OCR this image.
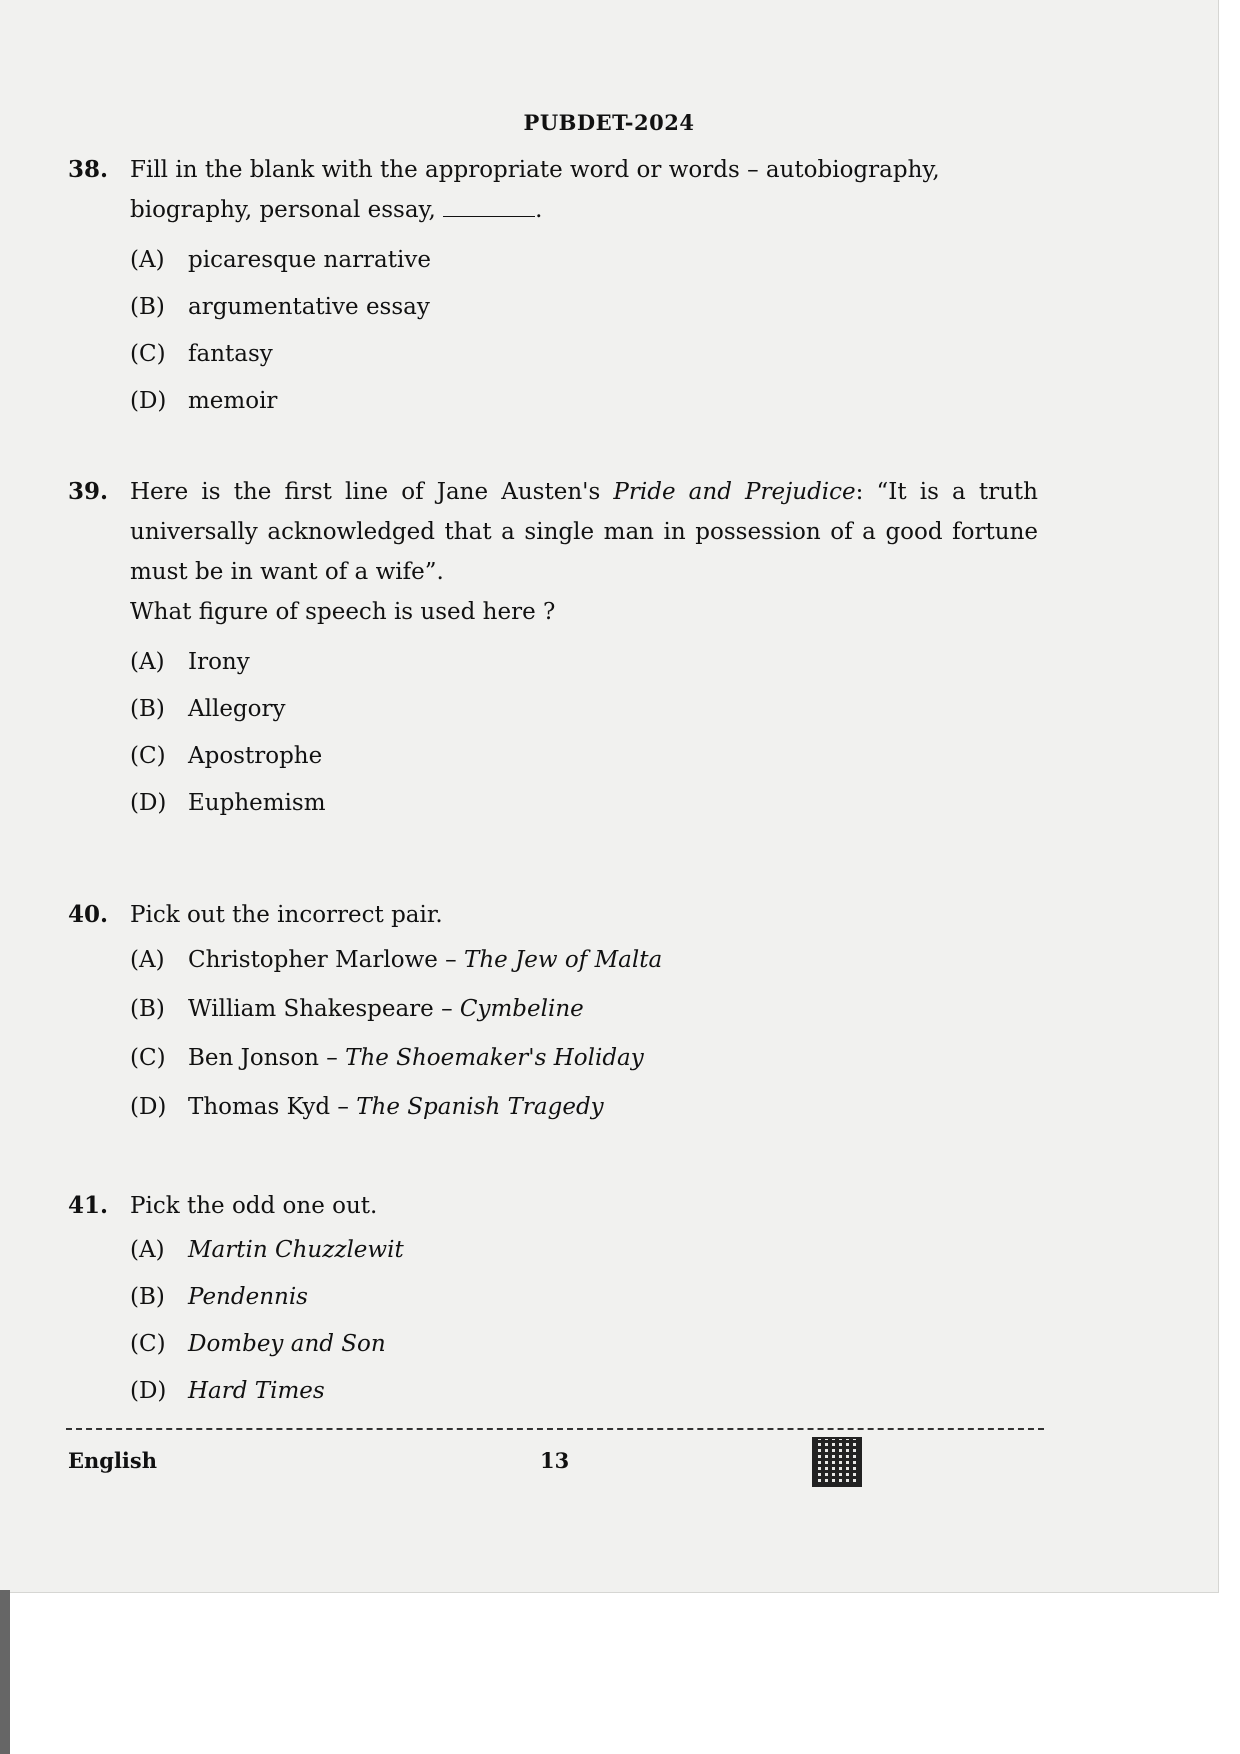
PUBDET-2024
38. Fill in the blank with the appropriate word or words – autobiography,

biography, personal essay,	.

(A)	picaresque narrative
(B)	argumentative essay
(C) fantasy
(D) memoir
39. Here is the first line of Jane Austen's Pride and Prejudice: “It is a truth universally acknowledged that a single man in possession of a good fortune must be in want of a wife”.

What figure of speech is used here ?

(A)	Irony
(B)	Allegory
(C) Apostrophe
(D) Euphemism
40. Pick out the incorrect pair.

(A)	Christopher Marlowe –
The Jew of Malta
(B)	William Shakespeare –
Cymbeline
(C) Ben Jonson –
The Shoemaker's Holiday
(D) Thomas Kyd –
The Spanish Tragedy
41. Pick the odd one out.

(A)	Martin Chuzzlewit
(B)	Pendennis
(C) Dombey and Son
(D) Hard Times
English	13
